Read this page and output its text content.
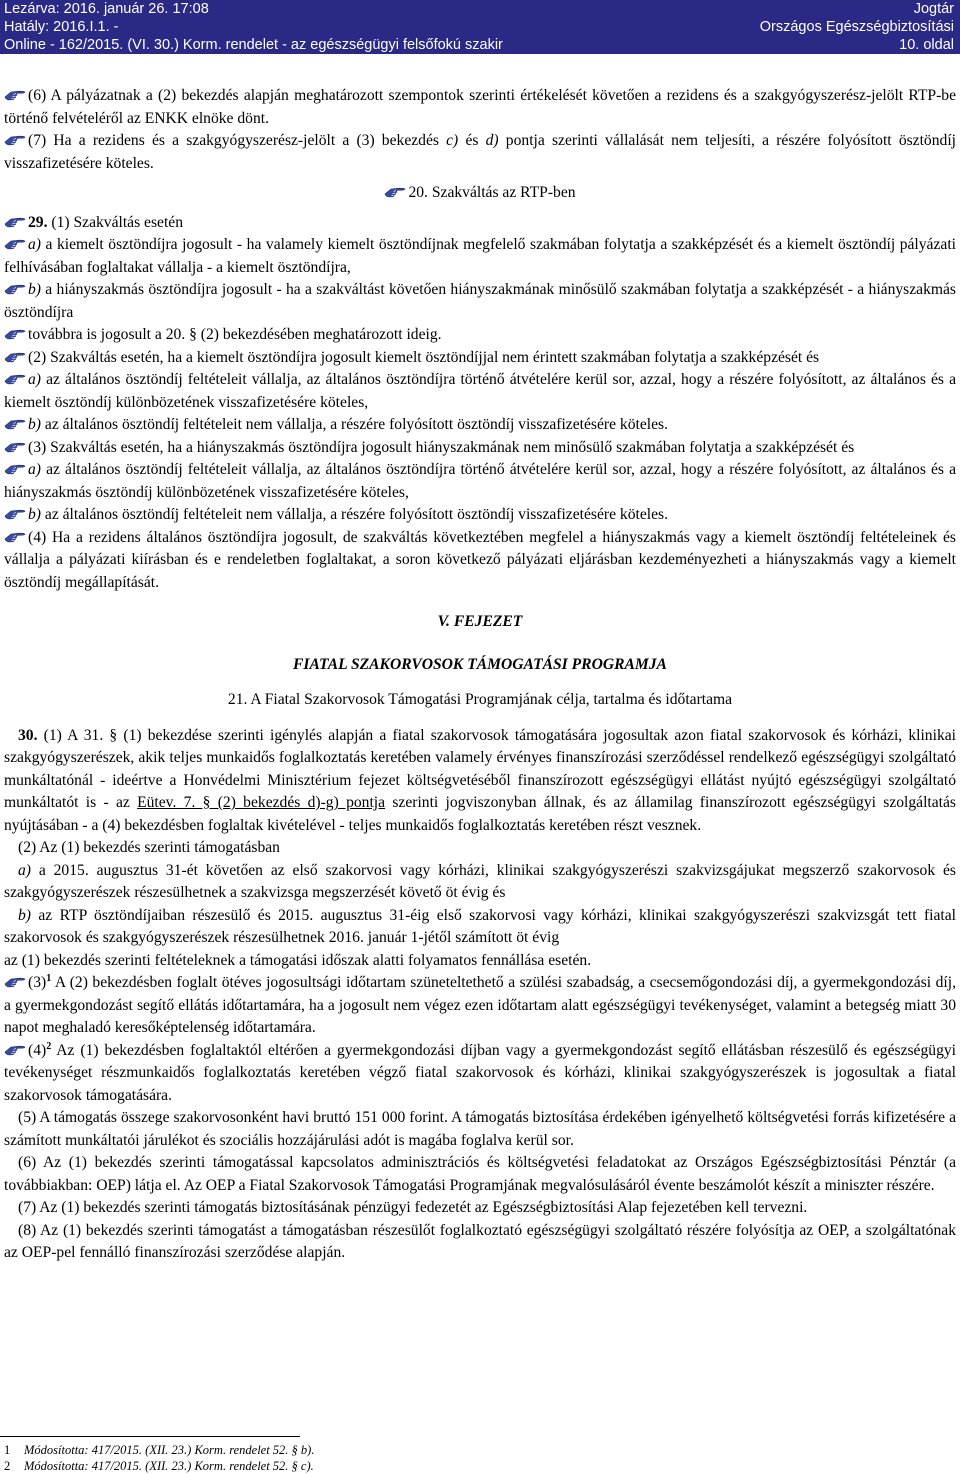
Lezárva: 2016. január 26. 17:08	Jogtár
Hatály: 2016.I.1. -	Országos Egészségbiztosítási
Online - 162/2015. (VI. 30.) Korm. rendelet - az egészségügyi felsőfokú szakir	10. oldal

(6) A pályázatnak a (2) bekezdés alapján meghatározott szempontok szerinti értékelését követően a rezidens és a szakgyógyszerész-jelölt RTP-be történő felvételéről az ENKK elnöke dönt.

(7) Ha a rezidens és a szakgyógyszerész-jelölt a (3) bekezdés c) és d) pontja szerinti vállalását nem teljesíti, a részére folyósított ösztöndíj visszafizetésére köteles.

20. Szakváltás az RTP-ben

29. (1) Szakváltás esetén

a) a kiemelt ösztöndíjra jogosult - ha valamely kiemelt ösztöndíjnak megfelelő szakmában folytatja a szakképzését és a kiemelt ösztöndíj pályázati felhívásában foglaltakat vállalja - a kiemelt ösztöndíjra,

b) a hiányszakmás ösztöndíjra jogosult - ha a szakváltást követően hiányszakmának minősülő szakmában folytatja a szakképzését - a hiányszakmás ösztöndíjra

továbbra is jogosult a 20. § (2) bekezdésében meghatározott ideig.

(2) Szakváltás esetén, ha a kiemelt ösztöndíjra jogosult kiemelt ösztöndíjjal nem érintett szakmában folytatja a szakképzését és

a) az általános ösztöndíj feltételeit vállalja, az általános ösztöndíjra történő átvételére kerül sor, azzal, hogy a részére folyósított, az általános és a kiemelt ösztöndíj különbözetének visszafizetésére köteles,

b) az általános ösztöndíj feltételeit nem vállalja, a részére folyósított ösztöndíj visszafizetésére köteles.

(3) Szakváltás esetén, ha a hiányszakmás ösztöndíjra jogosult hiányszakmának nem minősülő szakmában folytatja a szakképzését és

a) az általános ösztöndíj feltételeit vállalja, az általános ösztöndíjra történő átvételére kerül sor, azzal, hogy a részére folyósított, az általános és a hiányszakmás ösztöndíj különbözetének visszafizetésére köteles,

b) az általános ösztöndíj feltételeit nem vállalja, a részére folyósított ösztöndíj visszafizetésére köteles.

(4) Ha a rezidens általános ösztöndíjra jogosult, de szakváltás következtében megfelel a hiányszakmás vagy a kiemelt ösztöndíj feltételeinek és vállalja a pályázati kiírásban és e rendeletben foglaltakat, a soron következő pályázati eljárásban kezdeményezheti a hiányszakmás vagy a kiemelt ösztöndíj megállapítását.

V. FEJEZET

FIATAL SZAKORVOSOK TÁMOGATÁSI PROGRAMJA

21. A Fiatal Szakorvosok Támogatási Programjának célja, tartalma és időtartama

30. (1) A 31. § (1) bekezdése szerinti igénylés alapján a fiatal szakorvosok támogatására jogosultak azon fiatal szakorvosok és kórházi, klinikai szakgyógyszerészek, akik teljes munkaidős foglalkoztatás keretében valamely érvényes finanszírozási szerződéssel rendelkező egészségügyi szolgáltató munkáltatónál - ideértve a Honvédelmi Minisztérium fejezet költségvetéséből finanszírozott egészségügyi ellátást nyújtó egészségügyi szolgáltató munkáltatót is - az Eütev. 7. § (2) bekezdés d)-g) pontja szerinti jogviszonyban állnak, és az államilag finanszírozott egészségügyi szolgáltatás nyújtásában - a (4) bekezdésben foglaltak kivételével - teljes munkaidős foglalkoztatás keretében részt vesznek.

(2) Az (1) bekezdés szerinti támogatásban

a) a 2015. augusztus 31-ét követően az első szakorvosi vagy kórházi, klinikai szakgyógyszerészi szakvizsgájukat megszerző szakorvosok és szakgyógyszerészek részesülhetnek a szakvizsga megszerzését követő öt évig és

b) az RTP ösztöndíjaiban részesülő és 2015. augusztus 31-éig első szakorvosi vagy kórházi, klinikai szakgyógyszerészi szakvizsgát tett fiatal szakorvosok és szakgyógyszerészek részesülhetnek 2016. január 1-jétől számított öt évig

az (1) bekezdés szerinti feltételeknek a támogatási időszak alatti folyamatos fennállása esetén.

$(3)^1$ A (2) bekezdésben foglalt ötéves jogosultsági időtartam szüneteltethető a szülési szabadság, a csecsemőgondozási díj, a gyermekgondozási díj, a gyermekgondozást segítő ellátás időtartamára, ha a jogosult nem végez ezen időtartam alatt egészségügyi tevékenységet, valamint a betegség miatt 30 napot meghaladó keresőképtelenség időtartamára.

$(4)^2$ Az (1) bekezdésben foglaltaktól eltérően a gyermekgondozási díjban vagy a gyermekgondozást segítő ellátásban részesülő és egészségügyi tevékenységet részmunkaidős foglalkoztatás keretében végző fiatal szakorvosok és kórházi, klinikai szakgyógyszerészek is jogosultak a fiatal szakorvosok támogatására.

(5) A támogatás összege szakorvosonként havi bruttó 151 000 forint. A támogatás biztosítása érdekében igényelhető költségvetési forrás kifizetésére a számított munkáltatói járulékot és szociális hozzájárulási adót is magába foglalva kerül sor.

(6) Az (1) bekezdés szerinti támogatással kapcsolatos adminisztrációs és költségvetési feladatokat az Országos Egészségbiztosítási Pénztár (a továbbiakban: OEP) látja el. Az OEP a Fiatal Szakorvosok Támogatási Programjának megvalósulásáról évente beszámolót készít a miniszter részére.

(7) Az (1) bekezdés szerinti támogatás biztosításának pénzügyi fedezetét az Egészségbiztosítási Alap fejezetében kell tervezni.

(8) Az (1) bekezdés szerinti támogatást a támogatásban részesülőt foglalkoztató egészségügyi szolgáltató részére folyósítja az OEP, a szolgáltatónak az OEP-pel fennálló finanszírozási szerződése alapján.

1 Módosította: 417/2015. (XII. 23.) Korm. rendelet 52. § b).
2 Módosította: 417/2015. (XII. 23.) Korm. rendelet 52. § c).
